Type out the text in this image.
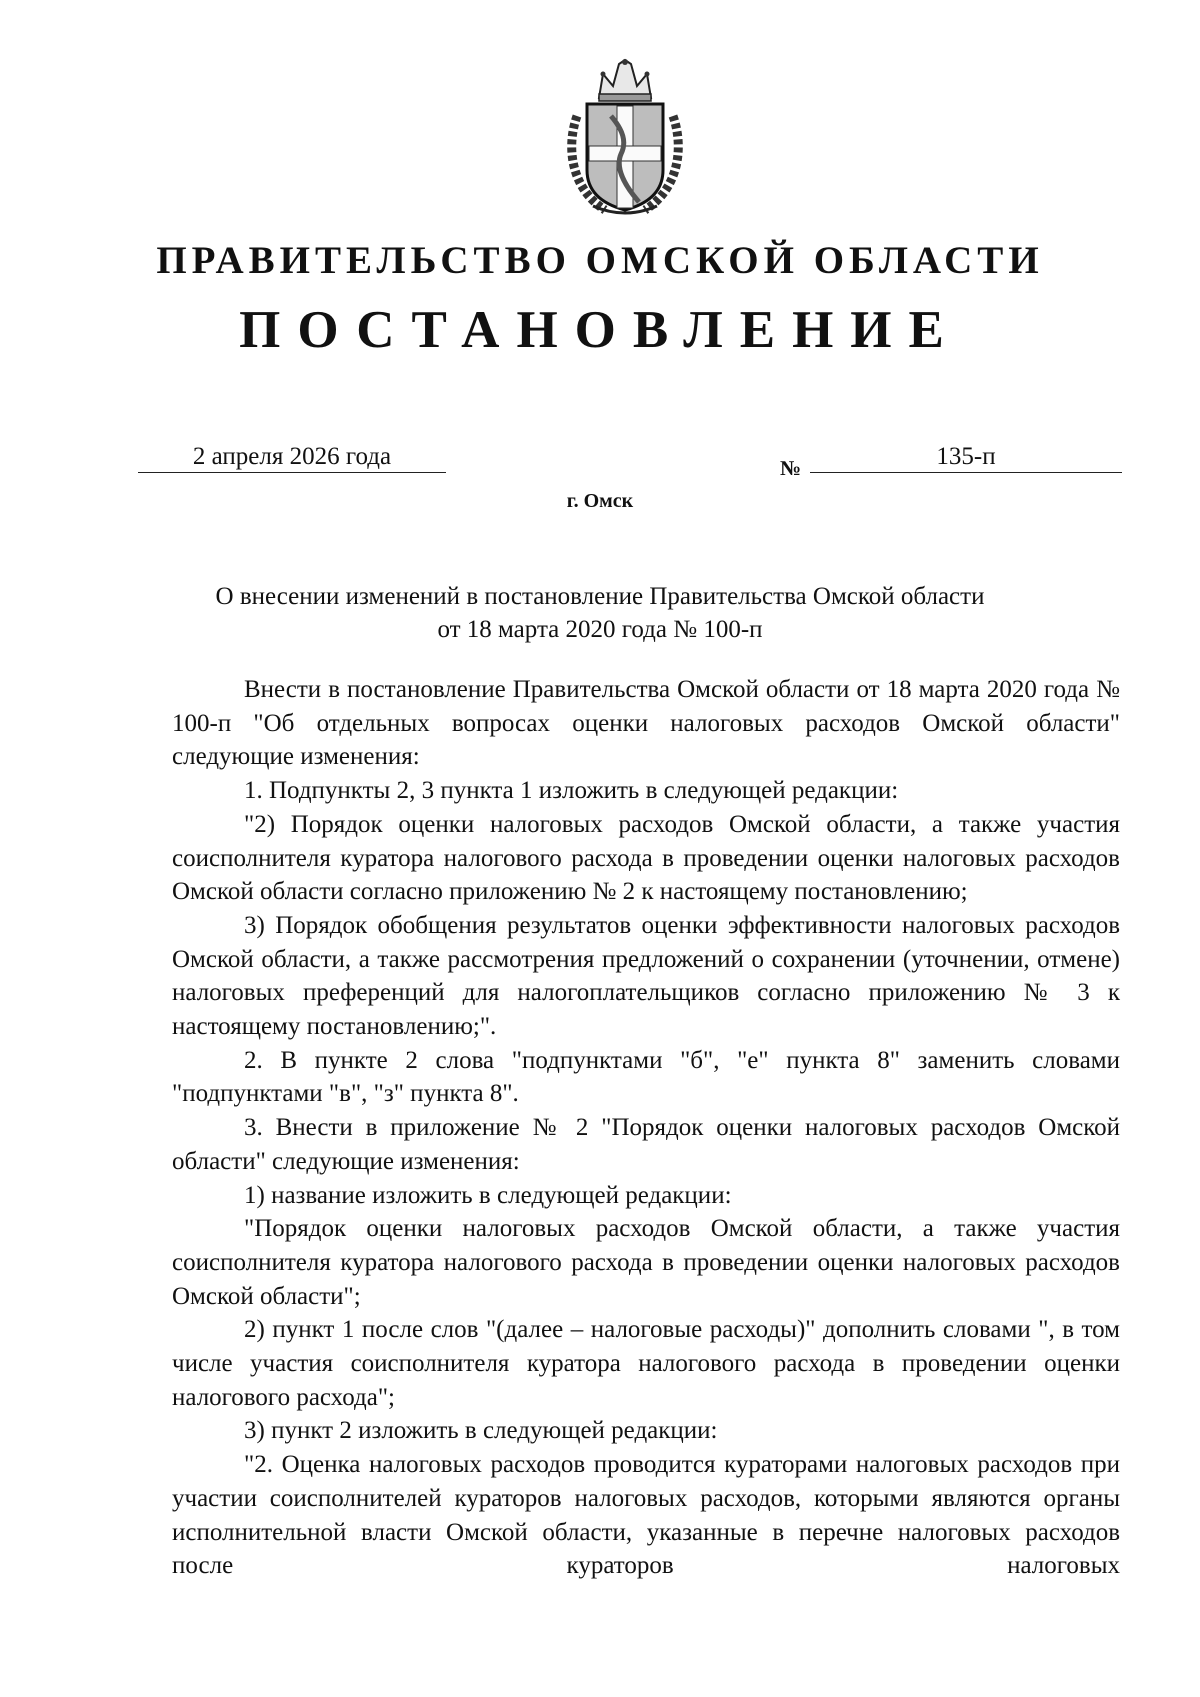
ПРАВИТЕЛЬСТВО ОМСКОЙ ОБЛАСТИ
ПОСТАНОВЛЕНИЕ
2 апреля 2026 года	№	135-п
г. Омск
О внесении изменений в постановление Правительства Омской области
от 18 марта 2020 года № 100-п

Внести в постановление Правительства Омской области от 18 марта 2020 года № 100-п "Об отдельных вопросах оценки налоговых расходов Омской области" следующие изменения:

1. Подпункты 2, 3 пункта 1 изложить в следующей редакции:

"2) Порядок оценки налоговых расходов Омской области, а также участия соисполнителя куратора налогового расхода в проведении оценки налоговых расходов Омской области согласно приложению № 2 к настоящему постановлению;

3) Порядок обобщения результатов оценки эффективности налоговых расходов Омской области, а также рассмотрения предложений о сохранении (уточнении, отмене) налоговых преференций для налогоплательщиков согласно приложению № 3 к настоящему постановлению;".

2. В пункте 2 слова "подпунктами "б", "е" пункта 8" заменить словами "подпунктами "в", "з" пункта 8".

3. Внести в приложение № 2 "Порядок оценки налоговых расходов Омской области" следующие изменения:

1) название изложить в следующей редакции:

"Порядок оценки налоговых расходов Омской области, а также участия соисполнителя куратора налогового расхода в проведении оценки налоговых расходов Омской области";

2) пункт 1 после слов "(далее – налоговые расходы)" дополнить словами ", в том числе участия соисполнителя куратора налогового расхода в проведении оценки налогового расхода";

3) пункт 2 изложить в следующей редакции:

"2. Оценка налоговых расходов проводится кураторами налоговых расходов при участии соисполнителей кураторов налоговых расходов, которыми являются органы исполнительной власти Омской области, указанные в перечне налоговых расходов после кураторов налоговых
